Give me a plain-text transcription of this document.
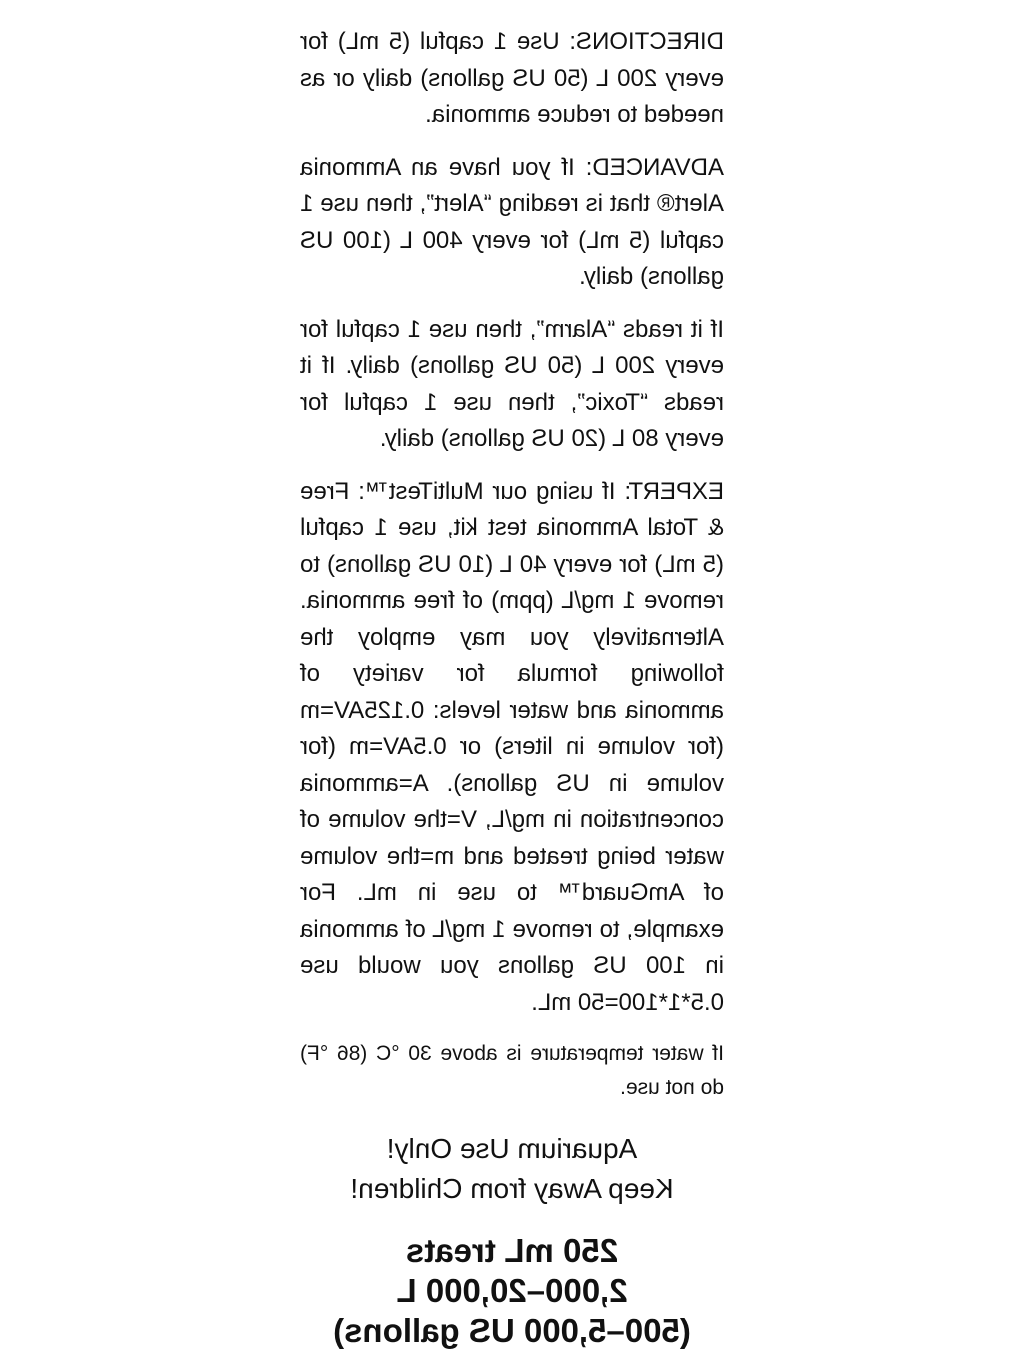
DIRECTIONS: Use 1 capful (5 mL) for every 200 L (50 US gallons) daily or as needed to reduce ammonia.

ADVANCED: If you have an Ammonia Alert® that is reading “Alert”, then use 1 capful (5 mL) for every 400 L (100 US gallons) daily.

If it reads “Alarm”, then use 1 capful for every 200 L (50 US gallons) daily. If it reads “Toxic”, then use 1 capful for every 80 L (20 US gallons) daily.

EXPERT: If using our MultiTest™: Free & Total Ammonia test kit, use 1 capful (5 mL) for every 40 L (10 US gallons) to remove 1 mg/L (ppm) of free ammonia. Alternatively you may employ the following formula for variety of ammonia and water levels: 0.125AV=m (for volume in liters) or 0.5AV=m (for volume in US gallons). A=ammonia concentration in mg/L, V=the volume of water being treated and m=the volume of AmGuard™ to use in mL. For example, to remove 1 mg/L of ammonia in 100 US gallons you would use 0.5*1*100=50 mL.

If water temperature is above 30 °C (86 °F) do not use.

Aquarium Use Only!
Keep Away from Children!
250 mL treats
2,000–20,000 L
(500–5,000 US gallons)
